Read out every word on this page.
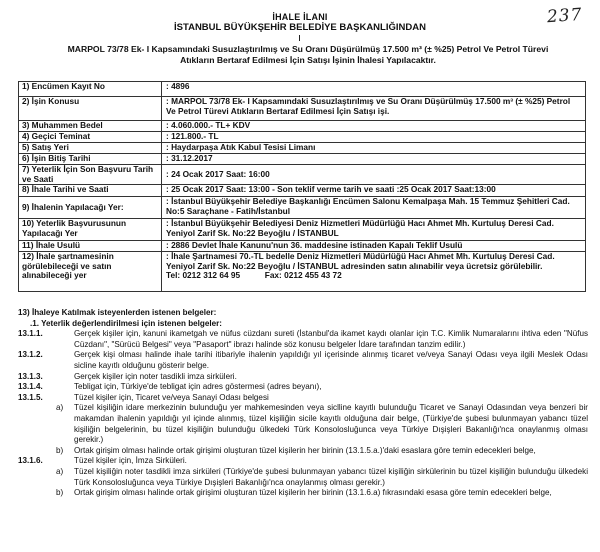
237
İHALE İLANI
İSTANBUL BÜYÜKŞEHİR BELEDİYE BAŞKANLIĞINDAN
MARPOL 73/78 Ek- I Kapsamındaki Susuzlaştırılmış ve Su Oranı Düşürülmüş 17.500 m³ (± %25) Petrol Ve Petrol Türevi
Atıkların Bertaraf Edilmesi İçin Satışı İşinin İhalesi Yapılacaktır.
1) Encümen Kayıt No	: 4896
2) İşin Konusu	: MARPOL 73/78 Ek- I Kapsamındaki Susuzlaştırılmış ve Su Oranı Düşürülmüş 17.500 m³ (± %25) Petrol Ve Petrol Türevi Atıkların Bertaraf Edilmesi İçin Satışı işi.
3) Muhammen Bedel	: 4.060.000.- TL+ KDV
4) Geçici Teminat	: 121.800.- TL
5) Satış Yeri	: Haydarpaşa Atık Kabul Tesisi Limanı
6) İşin Bitiş Tarihi	: 31.12.2017
7) Yeterlik İçin Son Başvuru Tarih ve Saati	: 24 Ocak 2017 Saat: 16:00
8) İhale Tarihi ve Saati	: 25 Ocak 2017 Saat: 13:00 - Son teklif verme tarih ve saati :25 Ocak 2017 Saat:13:00
9) İhalenin Yapılacağı Yer:	: İstanbul Büyükşehir Belediye Başkanlığı Encümen Salonu Kemalpaşa Mah. 15 Temmuz Şehitleri Cad. No:5 Saraçhane - Fatih/İstanbul
10) Yeterlik Başvurusunun Yapılacağı Yer	: İstanbul Büyükşehir Belediyesi Deniz Hizmetleri Müdürlüğü Hacı Ahmet Mh. Kurtuluş Deresi Cad. Yeniyol Zarif Sk. No:22 Beyoğlu / İSTANBUL
11) İhale Usulü	: 2886 Devlet İhale Kanunu'nun 36. maddesine istinaden Kapalı Teklif Usulü
12) İhale şartnamesinin görülebileceği ve satın alınabileceği yer	: İhale Şartnamesi 70.-TL bedelle Deniz Hizmetleri Müdürlüğü Hacı Ahmet Mh. Kurtuluş Deresi Cad. Yeniyol Zarif Sk. No:22 Beyoğlu / İSTANBUL adresinden satın alınabilir veya ücretsiz görülebilir.
Tel: 0212 312 64 95 Fax: 0212 455 43 72

13) İhaleye Katılmak isteyenlerden istenen belgeler:

.1. Yeterlik değerlendirilmesi için istenen belgeler:

13.1.1.	Gerçek kişiler için, kanuni ikametgah ve nüfus cüzdanı sureti (İstanbul'da ikamet kaydı olanlar için T.C. Kimlik Numaralarını ihtiva eden "Nüfus Cüzdanı", "Sürücü Belgesi" veya "Pasaport" ibrazı halinde söz konusu belgeler İdare tarafından tanzim edilir.)
13.1.2.	Gerçek kişi olması halinde ihale tarihi itibariyle ihalenin yapıldığı yıl içerisinde alınmış ticaret ve/veya Sanayi Odası veya ilgili Meslek Odası sicline kayıtlı olduğunu gösterir belge.
13.1.3.	Gerçek kişiler için noter tasdikli imza sirküleri.
13.1.4.	Tebligat için, Türkiye'de tebligat için adres göstermesi (adres beyanı),
13.1.5.	Tüzel kişiler için, Ticaret ve/veya Sanayi Odası belgesi
a)	Tüzel kişiliğin idare merkezinin bulunduğu yer mahkemesinden veya siclline kayıtlı bulunduğu Ticaret ve Sanayi Odasından veya benzeri bir makamdan ihalenin yapıldığı yıl içinde alınmış, tüzel kişiliğin sicile kayıtlı olduğuna dair belge, (Türkiye'de şubesi bulunmayan yabancı tüzel kişiliğin belgelerinin, bu tüzel kişiliğin bulunduğu ülkedeki Türk Konsolosluğunca veya Türkiye Dışişleri Bakanlığı'nca onaylanmış olması gerekir.)
b)	Ortak girişim olması halinde ortak girişimi oluşturan tüzel kişilerin her birinin (13.1.5.a.)'daki esaslara göre temin edecekleri belge,
13.1.6.	Tüzel kişiler için, İmza Sirküleri.
a)	Tüzel kişiliğin noter tasdikli imza sirküleri (Türkiye'de şubesi bulunmayan yabancı tüzel kişiliğin sirkülerinin bu tüzel kişiliğin bulunduğu ülkedeki Türk Konsolosluğunca veya Türkiye Dışişleri Bakanlığı'nca onaylanmış olması gerekir.)
b)	Ortak girişim olması halinde ortak girişimi oluşturan tüzel kişilerin her birinin (13.1.6.a) fıkrasındaki esasa göre temin edecekleri belge,
